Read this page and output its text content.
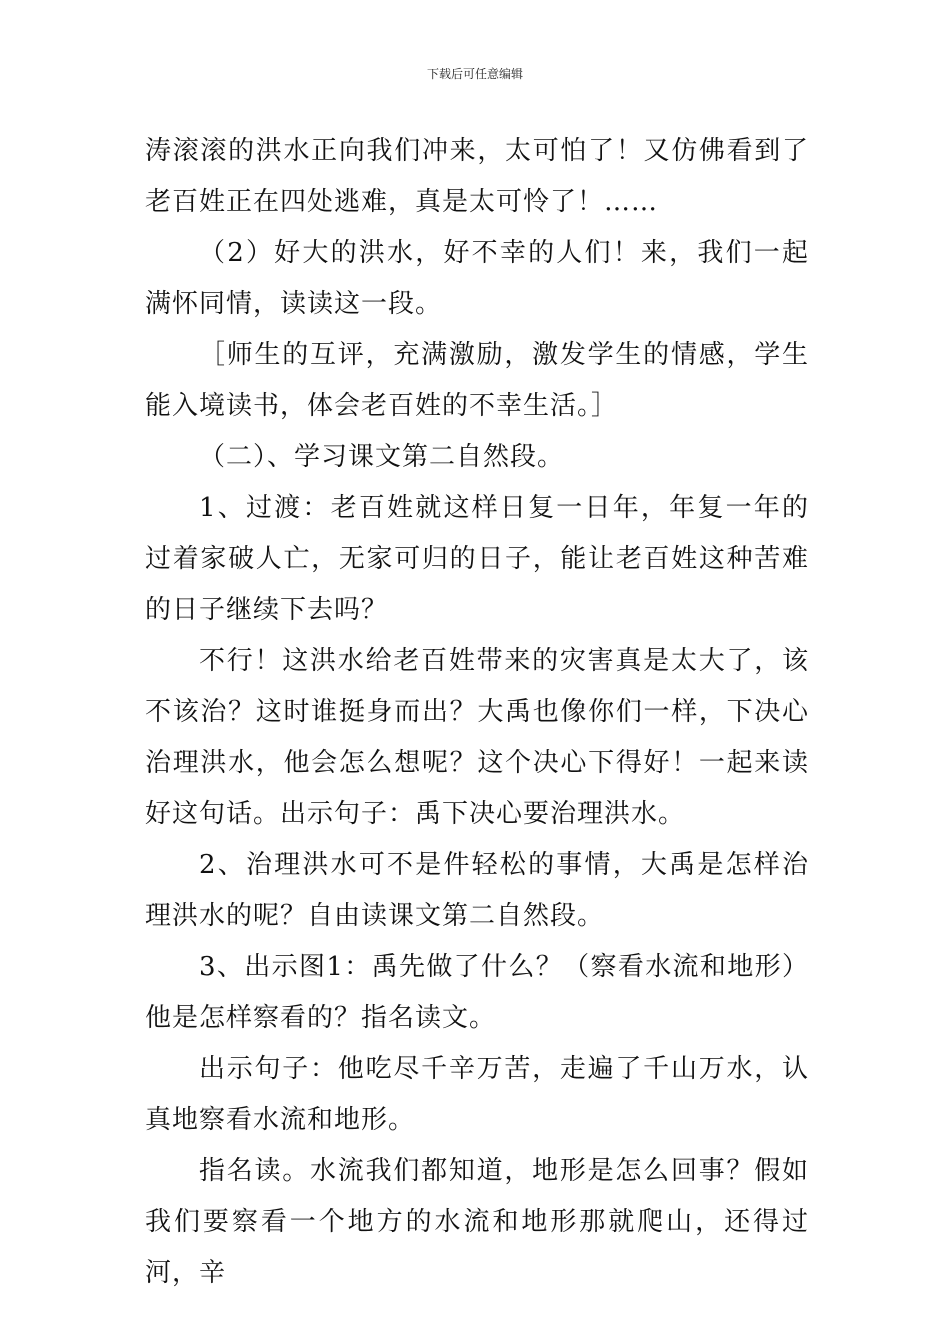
下载后可任意编辑

涛滚滚的洪水正向我们冲来，太可怕了！又仿佛看到了老百姓正在四处逃难，真是太可怜了！……

（2）好大的洪水，好不幸的人们！来，我们一起满怀同情，读读这一段。

［师生的互评，充满激励，激发学生的情感，学生能入境读书，体会老百姓的不幸生活。］

（二）、学习课文第二自然段。

1、过渡：老百姓就这样日复一日年，年复一年的过着家破人亡，无家可归的日子，能让老百姓这种苦难的日子继续下去吗？

不行！这洪水给老百姓带来的灾害真是太大了，该不该治？这时谁挺身而出？大禹也像你们一样，下决心治理洪水，他会怎么想呢？这个决心下得好！一起来读好这句话。出示句子：禹下决心要治理洪水。

2、治理洪水可不是件轻松的事情，大禹是怎样治理洪水的呢？自由读课文第二自然段。

3、出示图1：禹先做了什么？（察看水流和地形）他是怎样察看的？指名读文。

出示句子：他吃尽千辛万苦，走遍了千山万水，认真地察看水流和地形。

指名读。水流我们都知道，地形是怎么回事？假如我们要察看一个地方的水流和地形那就爬山，还得过河，辛
